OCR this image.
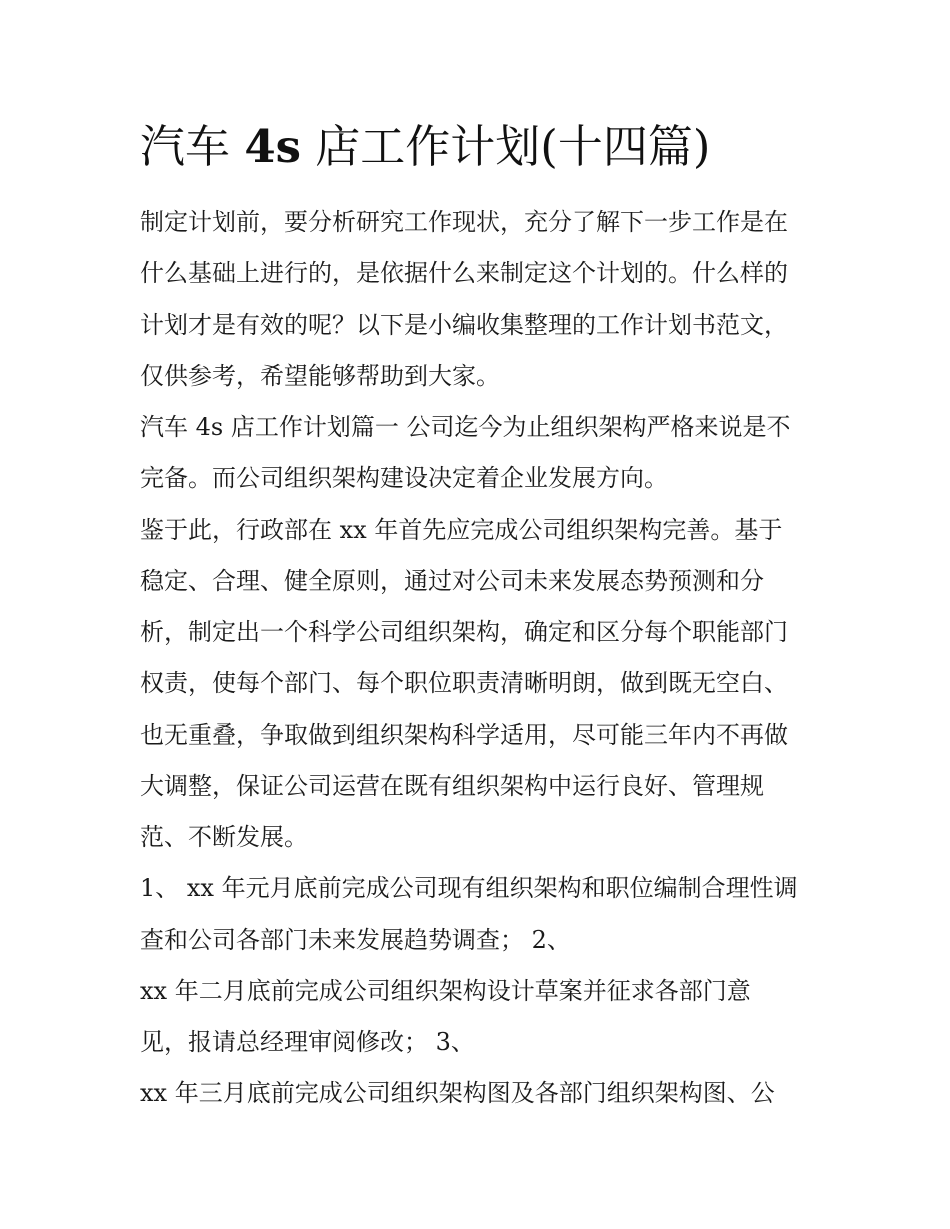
汽车 4s 店工作计划(十四篇)
制定计划前，要分析研究工作现状，充分了解下一步工作是在
什么基础上进行的，是依据什么来制定这个计划的。什么样的
计划才是有效的呢？以下是小编收集整理的工作计划书范文，
仅供参考，希望能够帮助到大家。
汽车 4s 店工作计划篇一 公司迄今为止组织架构严格来说是不
完备。而公司组织架构建设决定着企业发展方向。
鉴于此，行政部在 xx 年首先应完成公司组织架构完善。基于
稳定、合理、健全原则，通过对公司未来发展态势预测和分
析，制定出一个科学公司组织架构，确定和区分每个职能部门
权责，使每个部门、每个职位职责清晰明朗，做到既无空白、
也无重叠，争取做到组织架构科学适用，尽可能三年内不再做
大调整，保证公司运营在既有组织架构中运行良好、管理规
范、不断发展。
1、 xx 年元月底前完成公司现有组织架构和职位编制合理性调
查和公司各部门未来发展趋势调查； 2、
xx 年二月底前完成公司组织架构设计草案并征求各部门意
见，报请总经理审阅修改； 3、
xx 年三月底前完成公司组织架构图及各部门组织架构图、公
